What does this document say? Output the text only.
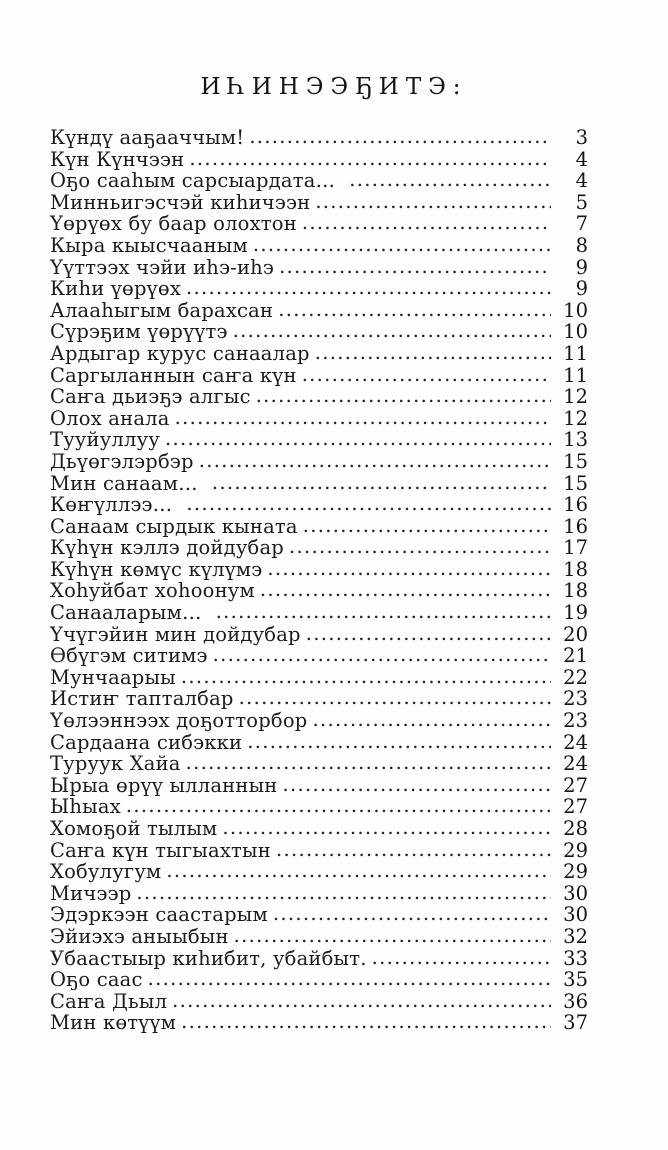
ИҺИНЭЭҔИТЭ:
Күндү ааҕааччым! .....	3
Күн Күнчээн .....	4
Оҕо сааһым сарсыардата… .....	4
Минньигэсчэй киһичээн .....	5
Үөрүөх бу баар олохтон .....	7
Кыра кыысчааным .....	8
Үүттээх чэйи иһэ-иһэ .....	9
Киһи үөрүөх .....	9
Алааһыгым барахсан .....	10
Сүрэҕим үөрүүтэ .....	10
Ардыгар курус санаалар .....	11
Саргыланнын саҥа күн .....	11
Саҥа дьиэҕэ алгыс .....	12
Олох анала .....	12
Тууйуллуу .....	13
Дьүөгэлэрбэр .....	15
Мин санаам… .....	15
Көҥүллээ… .....	16
Санаам сырдык кыната .....	16
Күһүн кэллэ дойдубар .....	17
Күһүн көмүс күлүмэ .....	18
Хоһуйбат хоһоонум .....	18
Санааларым… .....	19
Үчүгэйин мин дойдубар .....	20
Өбүгэм ситимэ .....	21
Мунчаарыы .....	22
Истиҥ тапталбар .....	23
Үөлээннээх доҕотторбор .....	23
Сардаана сибэкки .....	24
Туруук Хайа .....	24
Ырыа өрүү ылланнын .....	27
Ыһыах .....	27
Хомоҕой тылым .....	28
Саҥа күн тыгыахтын .....	29
Хобулугум .....	29
Мичээр .....	30
Эдэркээн саастарым .....	30
Эйиэхэ аныыбын .....	32
Убаастыыр киһибит, убайбыт. .....	33
Оҕо саас .....	35
Саҥа Дьыл .....	36
Мин көтүүм .....	37
